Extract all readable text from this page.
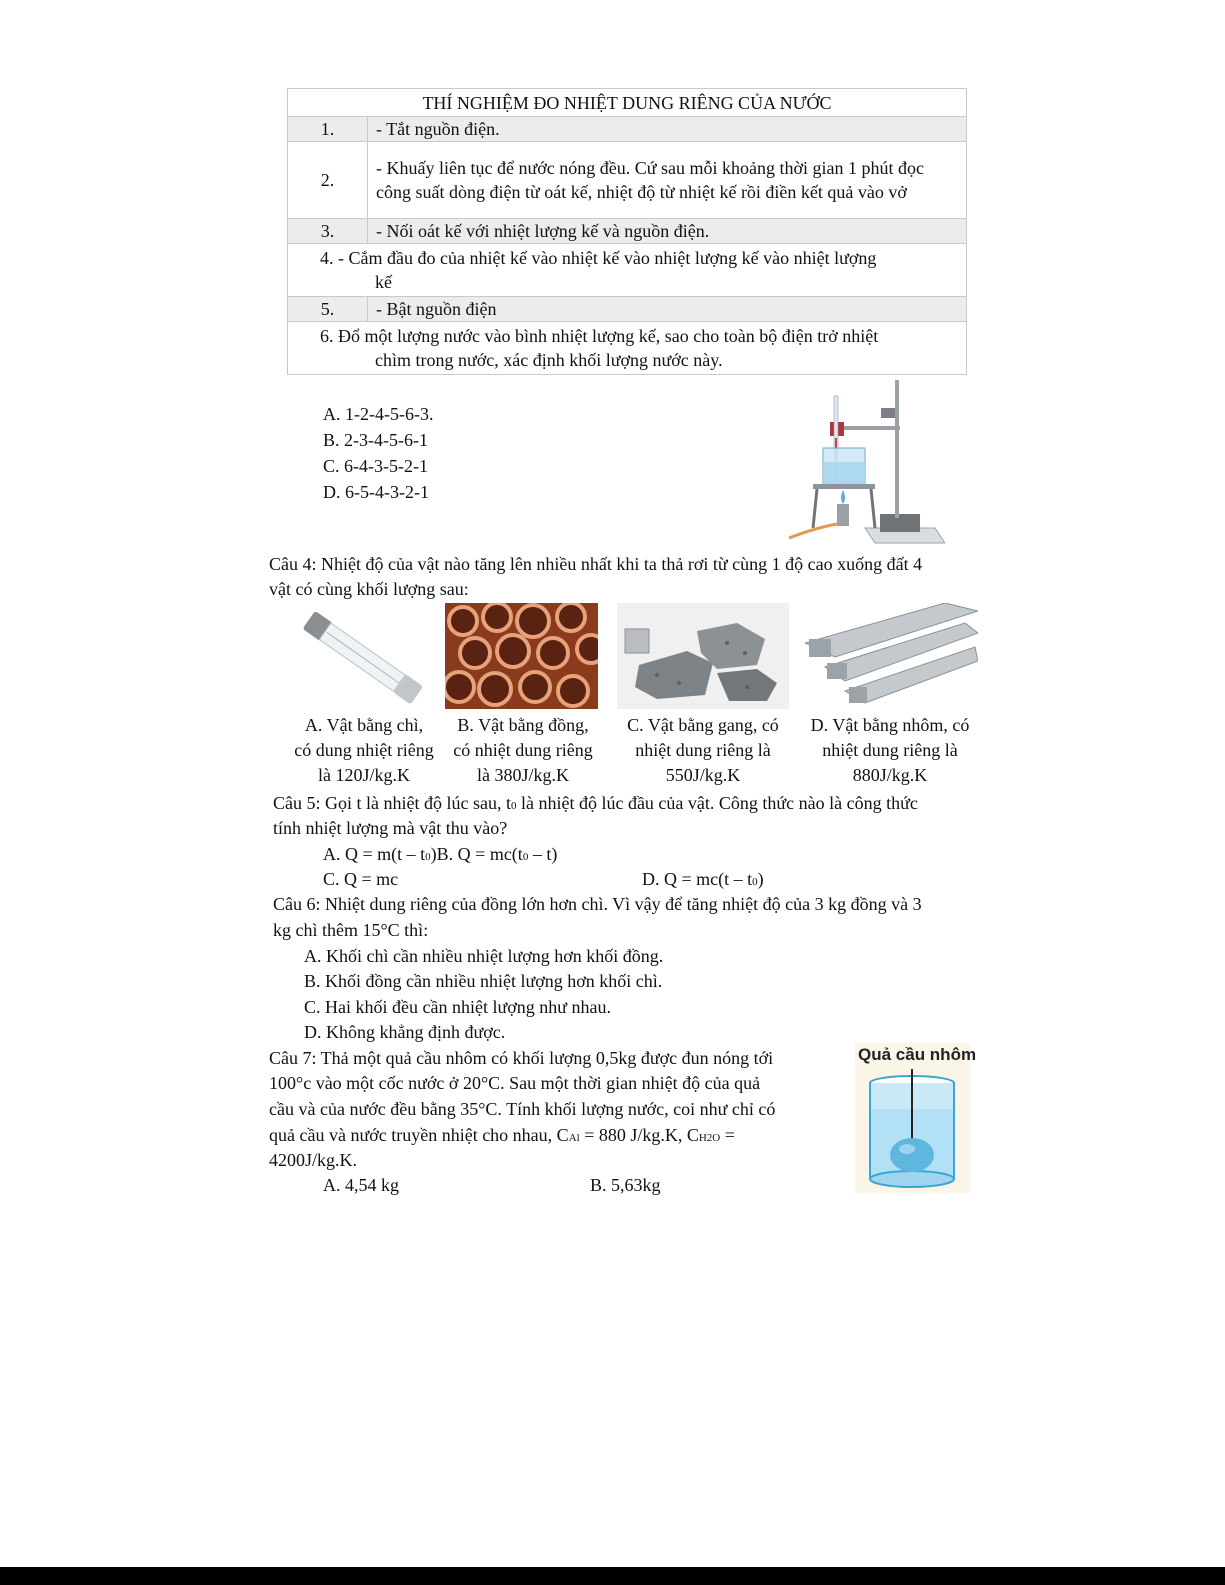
THÍ NGHIỆM ĐO NHIỆT DUNG RIÊNG CỦA NƯỚC	
1.	- Tắt nguồn điện.
2.	- Khuấy liên tục để nước nóng đều. Cứ sau mỗi khoảng thời gian 1 phút đọc công suất dòng điện từ oát kế, nhiệt độ từ nhiệt kế rồi điền kết quả vào vở
3.	- Nối oát kế với nhiệt lượng kế và nguồn điện.
4. - Cắm đầu đo của nhiệt kế vào nhiệt kế vào nhiệt lượng kế vào nhiệt lượng
kế	

5.	- Bật nguồn điện
6. Đổ một lượng nước vào bình nhiệt lượng kế, sao cho toàn bộ điện trở nhiệt
chìm trong nước, xác định khối lượng nước này.	
A. 1-2-4-5-6-3.
B. 2-3-4-5-6-1
C. 6-4-3-5-2-1
D. 6-5-4-3-2-1
Câu 4: Nhiệt độ của vật nào tăng lên nhiều nhất khi ta thả rơi từ cùng 1 độ cao xuống đất 4
vật có cùng khối lượng sau:
A. Vật bằng chì,
có dung nhiệt riêng
là 120J/kg.K
B. Vật bằng đồng,
có nhiệt dung riêng
là 380J/kg.K
C. Vật bằng gang, có
nhiệt dung riêng là
550J/kg.K
D. Vật bằng nhôm, có
nhiệt dung riêng là
880J/kg.K
Câu 5: Gọi t là nhiệt độ lúc sau, t0 là nhiệt độ lúc đầu của vật. Công thức nào là công thức
tính nhiệt lượng mà vật thu vào?
A. Q = m(t – t0)B. Q = mc(t0 – t)
C. Q = mc	D. Q = mc(t – t0)
Câu 6: Nhiệt dung riêng của đồng lớn hơn chì. Vì vậy để tăng nhiệt độ của 3 kg đồng và 3
kg chì thêm 15°C thì:
A. Khối chì cần nhiều nhiệt lượng hơn khối đồng.
B. Khối đồng cần nhiều nhiệt lượng hơn khối chì.
C. Hai khối đều cần nhiệt lượng như nhau.
D. Không khẳng định được.
Câu 7: Thả một quả cầu nhôm có khối lượng 0,5kg được đun nóng tới
100°c vào một cốc nước ở 20°C. Sau một thời gian nhiệt độ của quả
cầu và của nước đều bằng 35°C. Tính khối lượng nước, coi như chỉ có
quả cầu và nước truyền nhiệt cho nhau, CAl = 880 J/kg.K, CH2O =
4200J/kg.K.
A. 4,54 kg	B. 5,63kg
Quả cầu nhôm
